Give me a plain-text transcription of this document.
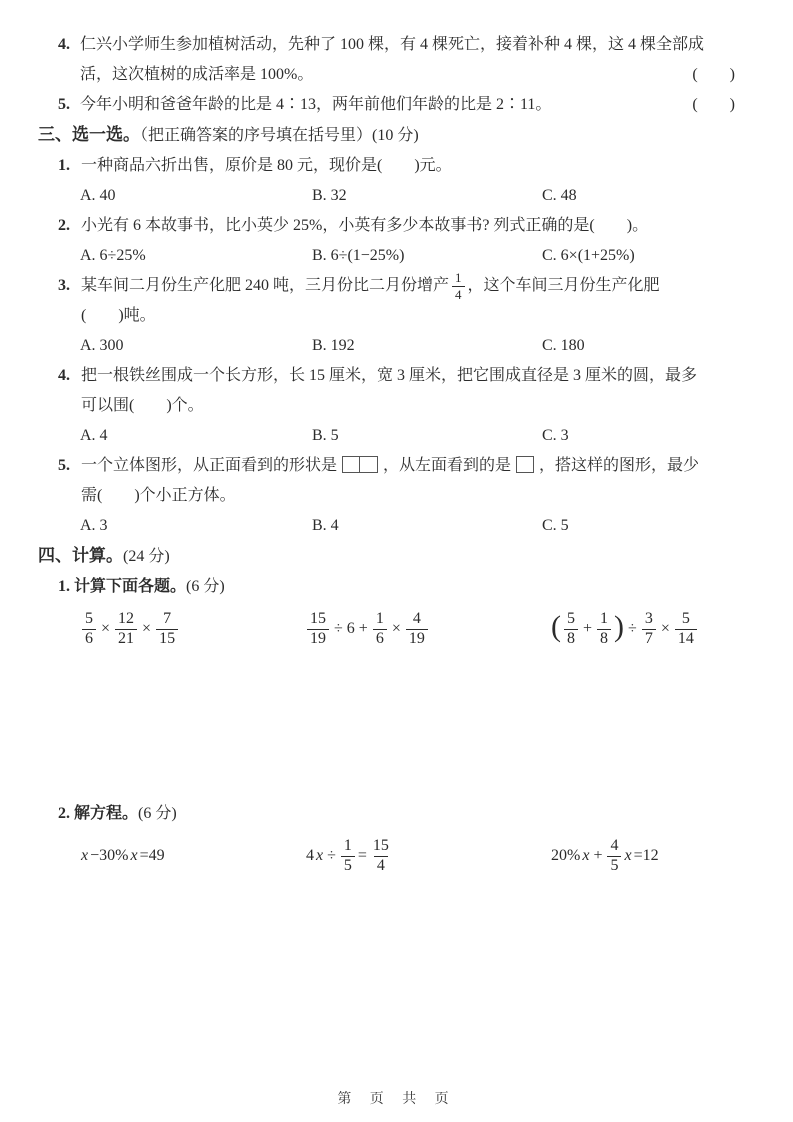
4. 仁兴小学师生参加植树活动，先种了 100 棵，有 4 棵死亡，接着补种 4 棵，这 4 棵全部成
活，这次植树的成活率是 100%。	(　　)
5. 今年小明和爸爸年龄的比是 4∶13，两年前他们年龄的比是 2∶11。	(　　)
三、选一选。（把正确答案的序号填在括号里）(10 分)
1. 一种商品六折出售，原价是 80 元，现价是(　　)元。
A. 40	B. 32	C. 48
2. 小光有 6 本故事书，比小英少 25%，小英有多少本故事书? 列式正确的是(　　)。
A. 6÷25%	B. 6÷(1−25%)	C. 6×(1+25%)
3. 某车间二月份生产化肥 240 吨，三月份比二月份增产 $\frac{1}{4}$ ，这个车间三月份生产化肥
(　　)吨。
A. 300	B. 192	C. 180
4. 把一根铁丝围成一个长方形，长 15 厘米，宽 3 厘米，把它围成直径是 3 厘米的圆，最多
可以围(　　)个。
A. 4	B. 5	C. 3
5. 一个立体图形，从正面看到的形状是	，从左面看到的是 ，搭这样的图形，最少
需(　　)个小正方体。
A. 3	B. 4	C. 5
四、计算。(24 分)
1. 计算下面各题。(6 分)
$\frac{5}{6} \times \frac{12}{21} \times \frac{7}{15}$	$\frac{15}{19} \div 6 + \frac{1}{6} \times \frac{4}{19}$	( $\frac{5}{8} + \frac{1}{8}$ ) ÷ $\frac{3}{7} \times \frac{5}{14}$
2. 解方程。(6 分)
x −30% x =49	4 $x \div \frac{1}{5} = \frac{15}{4}$	20% $x + \frac{4}{5}$ x =12
第 页 共 页
